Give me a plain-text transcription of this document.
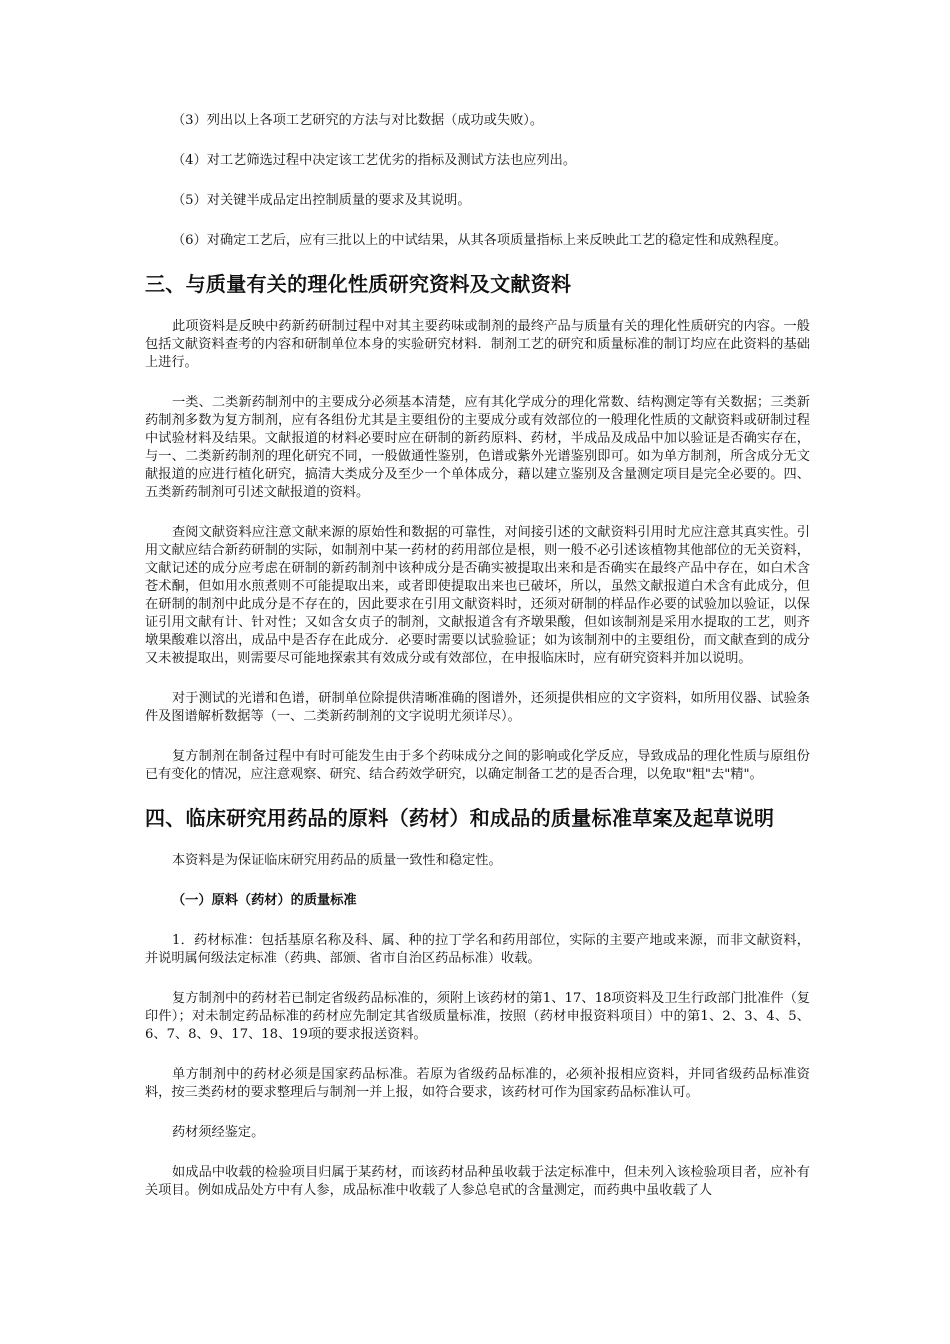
（3）列出以上各项工艺研究的方法与对比数据（成功或失败）。

（4）对工艺筛选过程中决定该工艺优劣的指标及测试方法也应列出。

（5）对关键半成品定出控制质量的要求及其说明。

（6）对确定工艺后，应有三批以上的中试结果，从其各项质量指标上来反映此工艺的稳定性和成熟程度。

三、与质量有关的理化性质研究资料及文献资料

此项资料是反映中药新药研制过程中对其主要药味或制剂的最终产品与质量有关的理化性质研究的内容。一般包括文献资料查考的内容和研制单位本身的实验研究材料．制剂工艺的研究和质量标准的制订均应在此资料的基础上进行。

一类、二类新药制剂中的主要成分必须基本清楚，应有其化学成分的理化常数、结构测定等有关数据；三类新药制剂多数为复方制剂，应有各组份尤其是主要组份的主要成分或有效部位的一般理化性质的文献资料或研制过程中试验材料及结果。文献报道的材料必要时应在研制的新药原料、药材，半成品及成品中加以验证是否确实存在，与一、二类新药制剂的理化研究不同，一般做通性鉴别，色谱或紫外光谱鉴别即可。如为单方制剂，所含成分无文献报道的应进行植化研究，搞清大类成分及至少一个单体成分，藉以建立鉴别及含量测定项目是完全必要的。四、五类新药制剂可引述文献报道的资料。

查阅文献资料应注意文献来源的原始性和数据的可靠性，对间接引述的文献资料引用时尤应注意其真实性。引用文献应结合新药研制的实际，如制剂中某一药材的药用部位是根，则一般不必引述该植物其他部位的无关资料，文献记述的成分应考虑在研制的新药制剂中该种成分是否确实被提取出来和是否确实在最终产品中存在，如白术含苍术酮，但如用水煎煮则不可能提取出来，或者即使提取出来也已破坏，所以，虽然文献报道白术含有此成分，但在研制的制剂中此成分是不存在的，因此要求在引用文献资料时，还须对研制的样品作必要的试验加以验证，以保证引用文献有计、针对性；又如含女贞子的制剂，文献报道含有齐墩果酸，但如该制剂是采用水提取的工艺，则齐墩果酸难以溶出，成品中是否存在此成分．必要时需要以试验验证；如为该制剂中的主要组份，而文献查到的成分又未被提取出，则需要尽可能地探索其有效成分或有效部位，在申报临床时，应有研究资料并加以说明。

对于测试的光谱和色谱，研制单位除提供清晰准确的图谱外，还须提供相应的文字资料，如所用仪器、试验条件及图谱解析数据等（一、二类新药制剂的文字说明尤须详尽）。

复方制剂在制备过程中有时可能发生由于多个药味成分之间的影响或化学反应，导致成品的理化性质与原组份已有变化的情况，应注意观察、研究、结合药效学研究，以确定制备工艺的是否合理，以免取"粗"去"精"。

四、临床研究用药品的原料（药材）和成品的质量标准草案及起草说明

本资料是为保证临床研究用药品的质量一致性和稳定性。

（一）原料（药材）的质量标准

1．药材标准：包括基原名称及科、属、种的拉丁学名和药用部位，实际的主要产地或来源，而非文献资料，并说明属何级法定标准（药典、部颁、省市自治区药品标准）收载。

复方制剂中的药材若已制定省级药品标准的，须附上该药材的第1、17、18项资料及卫生行政部门批准件（复印件）；对未制定药品标准的药材应先制定其省级质量标准，按照（药材申报资料项目）中的第1、2、3、4、5、6、7、8、9、17、18、19项的要求报送资料。

单方制剂中的药材必须是国家药品标准。若原为省级药品标准的，必须补报相应资料，并同省级药品标准资料，按三类药材的要求整理后与制剂一并上报，如符合要求，该药材可作为国家药品标准认可。

药材须经鉴定。

如成品中收载的检验项目归属于某药材，而该药材品种虽收载于法定标准中，但未列入该检验项目者，应补有关项目。例如成品处方中有人参，成品标准中收载了人参总皂甙的含量测定，而药典中虽收载了人
